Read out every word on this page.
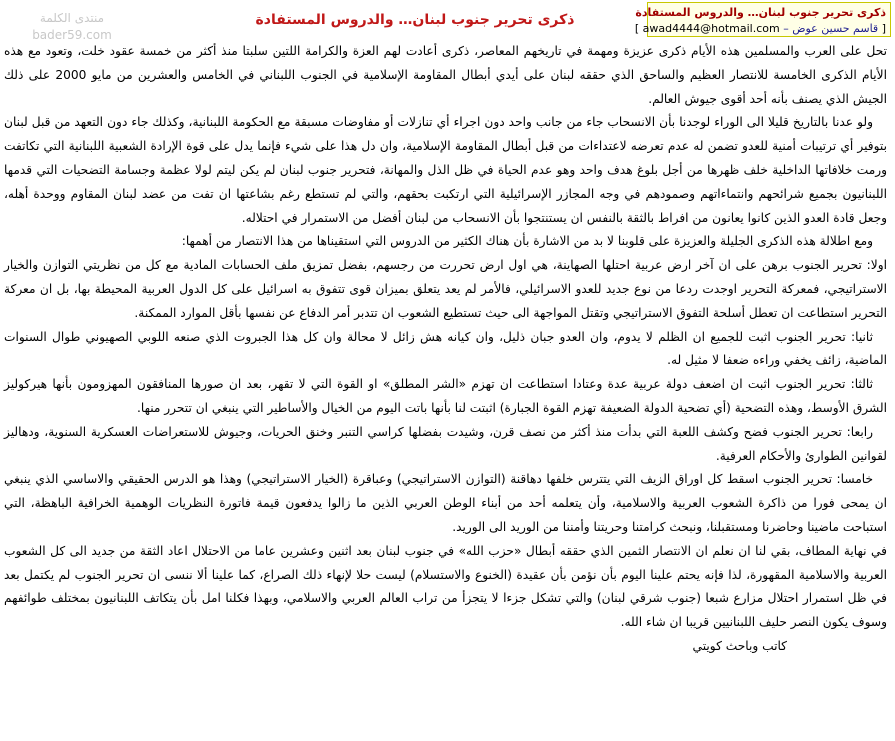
ذكرى تحرير جنوب لبنان… والدروس المستفادة
[ قاسم حسين عوض – awad4444@hotmail.com ]
منتدى الكلمة
bader59.com
ذكرى تحرير جنوب لبنان… والدروس المستفادة

تحل على العرب والمسلمين هذه الأيام ذكرى عزيزة ومهمة في تاريخهم المعاصر، ذكرى أعادت لهم العزة والكرامة اللتين سلبتا منذ أكثر من خمسة عقود خلت، وتعود مع هذه الأيام الذكرى الخامسة للانتصار العظيم والساحق الذي حققه لبنان على أيدي أبطال المقاومة الإسلامية في الجنوب اللبناني في الخامس والعشرين من مايو 2000 على ذلك الجيش الذي يصنف بأنه أحد أقوى جيوش العالم.

ولو عدنا بالتاريخ قليلا الى الوراء لوجدنا بأن الانسحاب جاء من جانب واحد دون اجراء أي تنازلات أو مفاوضات مسبقة مع الحكومة اللبنانية، وكذلك جاء دون التعهد من قبل لبنان بتوفير أي ترتيبات أمنية للعدو تضمن له عدم تعرضه لاعتداءات من قبل أبطال المقاومة الإسلامية، وان دل هذا على شيء فإنما يدل على قوة الإرادة الشعبية اللبنانية التي تكاتفت ورمت خلافاتها الداخلية خلف ظهرها من أجل بلوغ هدف واحد وهو عدم الحياة في ظل الذل والمهانة، فتحرير جنوب لبنان لم يكن ليتم لولا عظمة وجسامة التضحيات التي قدمها اللبنانيون بجميع شرائحهم وانتماءاتهم وصمودهم في وجه المجازر الإسرائيلية التي ارتكبت بحقهم، والتي لم تستطع رغم بشاعتها ان تفت من عضد لبنان المقاوم ووحدة أهله، وجعل قادة العدو الذين كانوا يعانون من افراط بالثقة بالنفس ان يستنتجوا بأن الانسحاب من لبنان أفضل من الاستمرار في احتلاله.

ومع اطلالة هذه الذكرى الجليلة والعزيزة على قلوبنا لا بد من الاشارة بأن هناك الكثير من الدروس التي استقيناها من هذا الانتصار من أهمها:

اولا: تحرير الجنوب برهن على ان آخر ارض عربية احتلها الصهاينة، هي اول ارض تحررت من رجسهم، بفضل تمزيق ملف الحسابات المادية مع كل من نظريتي التوازن والخيار الاستراتيجي، فمعركة التحرير اوجدت ردعا من نوع جديد للعدو الاسرائيلي، فالأمر لم يعد يتعلق بميزان قوى تتفوق به اسرائيل على كل الدول العربية المحيطة بها، بل ان معركة التحرير استطاعت ان تعطل أسلحة التفوق الاستراتيجي وتقتل المواجهة الى حيث تستطيع الشعوب ان تتدبر أمر الدفاع عن نفسها بأقل الموارد الممكنة.

ثانيا: تحرير الجنوب اثبت للجميع ان الظلم لا يدوم، وان العدو جبان ذليل، وان كيانه هش زائل لا محالة وان كل هذا الجبروت الذي صنعه اللوبي الصهيوني طوال السنوات الماضية، زائف يخفي وراءه ضعفا لا مثيل له.

ثالثا: تحرير الجنوب اثبت ان اضعف دولة عربية عدة وعتادا استطاعت ان تهزم «الشر المطلق» او القوة التي لا تقهر، بعد ان صورها المنافقون المهزومون بأنها هيركوليز الشرق الأوسط، وهذه التضحية (أي تضحية الدولة الضعيفة تهزم القوة الجبارة) اثبتت لنا بأنها باتت اليوم من الخيال والأساطير التي ينبغي ان تتحرر منها.

رابعا: تحرير الجنوب فضح وكشف اللعبة التي بدأت منذ أكثر من نصف قرن، وشيدت بفضلها كراسي التنبر وخنق الحريات، وجيوش للاستعراضات العسكرية السنوية، ودهاليز لقوانين الطوارئ والأحكام العرفية.

خامسا: تحرير الجنوب اسقط كل اوراق الزيف التي يتترس خلفها دهاقنة (التوازن الاستراتيجي) وعباقرة (الخيار الاستراتيجي) وهذا هو الدرس الحقيقي والاساسي الذي ينبغي ان يمحى فورا من ذاكرة الشعوب العربية والاسلامية، وأن يتعلمه أحد من أبناء الوطن العربي الذين ما زالوا يدفعون قيمة فاتورة النظريات الوهمية الخرافية الباهظة، التي استباحت ماضينا وحاضرنا ومستقبلنا، ونبحث كرامتنا وحريتنا وأمننا من الوريد الى الوريد.

في نهاية المطاف، بقي لنا ان نعلم ان الانتصار الثمين الذي حققه أبطال «حزب الله» في جنوب لبنان بعد اثنين وعشرين عاما من الاحتلال اعاد الثقة من جديد الى كل الشعوب العربية والاسلامية المقهورة، لذا فإنه يحتم علينا اليوم بأن نؤمن بأن عقيدة (الخنوع والاستسلام) ليست حلا لإنهاء ذلك الصراع، كما علينا ألا ننسى ان تحرير الجنوب لم يكتمل بعد في ظل استمرار احتلال مزارع شبعا (جنوب شرقي لبنان) والتي تشكل جزءا لا يتجزأ من تراب العالم العربي والاسلامي، وبهذا فكلنا امل بأن يتكاتف اللبنانيون بمختلف طوائفهم وسوف يكون النصر حليف اللبنانيين قريبا ان شاء الله.

كاتب وباحث كويتي
